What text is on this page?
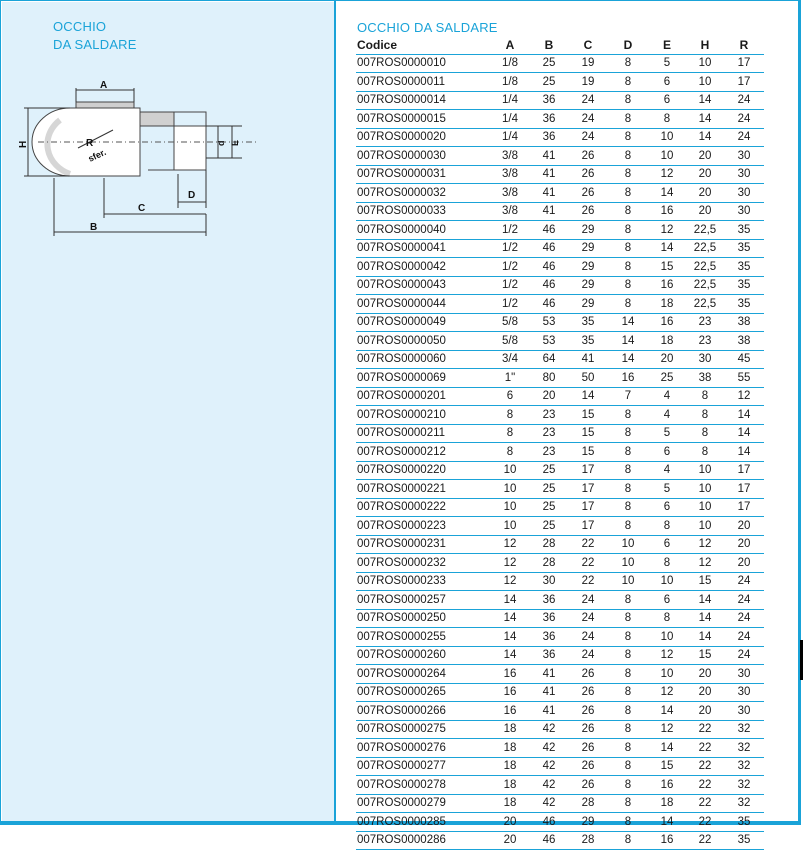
OCCHIO
DA SALDARE
A
H	R
sfer.
d E
D
C
B
OCCHIO DA SALDARE
Codice	A	B	C	D	E	H	R
007ROS0000010	1/8	25	19	8	5	10	17
007ROS0000011	1/8	25	19	8	6	10	17
007ROS0000014	1/4	36	24	8	6	14	24
007ROS0000015	1/4	36	24	8	8	14	24
007ROS0000020	1/4	36	24	8	10	14	24
007ROS0000030	3/8	41	26	8	10	20	30
007ROS0000031	3/8	41	26	8	12	20	30
007ROS0000032	3/8	41	26	8	14	20	30
007ROS0000033	3/8	41	26	8	16	20	30
007ROS0000040	1/2	46	29	8	12	22,5	35
007ROS0000041	1/2	46	29	8	14	22,5	35
007ROS0000042	1/2	46	29	8	15	22,5	35
007ROS0000043	1/2	46	29	8	16	22,5	35
007ROS0000044	1/2	46	29	8	18	22,5	35
007ROS0000049	5/8	53	35	14	16	23	38
007ROS0000050	5/8	53	35	14	18	23	38
007ROS0000060	3/4	64	41	14	20	30	45
007ROS0000069	1"	80	50	16	25	38	55
007ROS0000201	6	20	14	7	4	8	12
007ROS0000210	8	23	15	8	4	8	14
007ROS0000211	8	23	15	8	5	8	14
007ROS0000212	8	23	15	8	6	8	14
007ROS0000220	10	25	17	8	4	10	17
007ROS0000221	10	25	17	8	5	10	17
007ROS0000222	10	25	17	8	6	10	17
007ROS0000223	10	25	17	8	8	10	20
007ROS0000231	12	28	22	10	6	12	20
007ROS0000232	12	28	22	10	8	12	20
007ROS0000233	12	30	22	10	10	15	24
007ROS0000257	14	36	24	8	6	14	24
007ROS0000250	14	36	24	8	8	14	24
007ROS0000255	14	36	24	8	10	14	24
007ROS0000260	14	36	24	8	12	15	24
007ROS0000264	16	41	26	8	10	20	30
007ROS0000265	16	41	26	8	12	20	30
007ROS0000266	16	41	26	8	14	20	30
007ROS0000275	18	42	26	8	12	22	32
007ROS0000276	18	42	26	8	14	22	32
007ROS0000277	18	42	26	8	15	22	32
007ROS0000278	18	42	26	8	16	22	32
007ROS0000279	18	42	28	8	18	22	32
007ROS0000285	20	46	29	8	14	22	35
007ROS0000286	20	46	28	8	16	22	35
